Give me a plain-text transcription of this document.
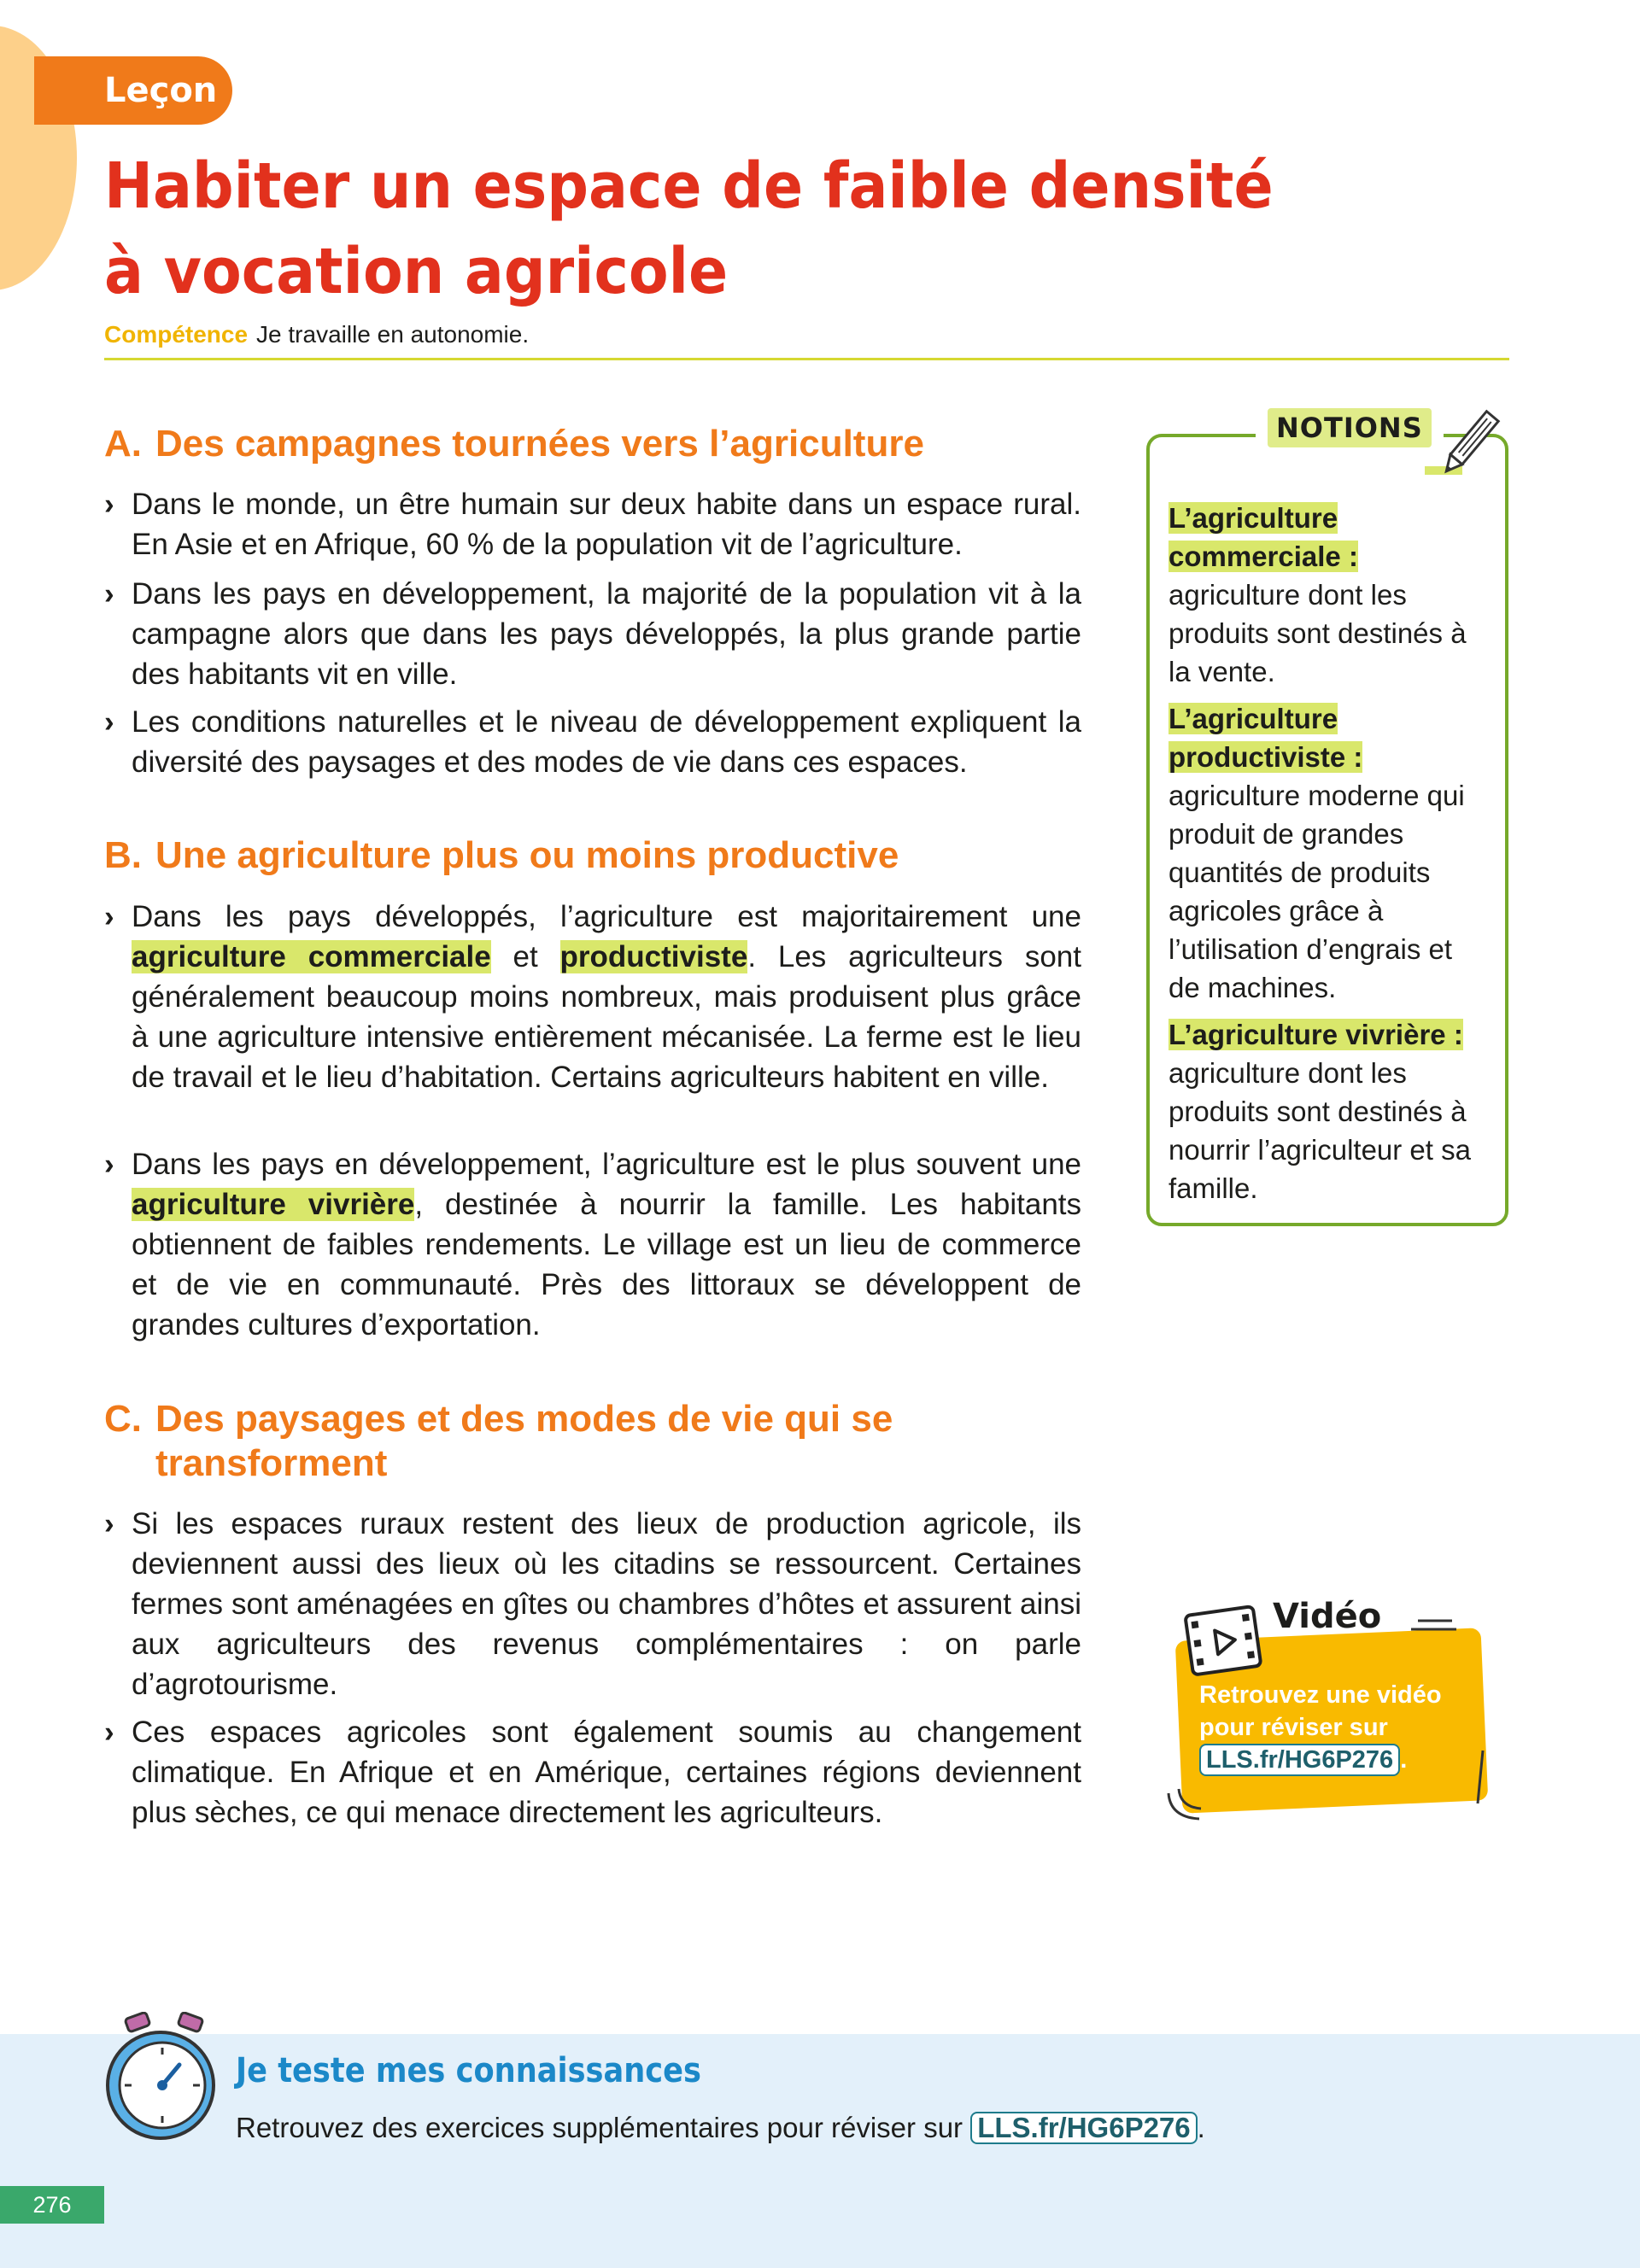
Leçon
Habiter un espace de faible densité
à vocation agricole
Compétence Je travaille en autonomie.
A. Des campagnes tournées vers l’agriculture

› Dans le monde, un être humain sur deux habite dans un espace rural. En Asie et en Afrique, 60 % de la population vit de l’agriculture.

› Dans les pays en développement, la majorité de la population vit à la campagne alors que dans les pays développés, la plus grande partie des habitants vit en ville.

› Les conditions naturelles et le niveau de développement expliquent la diversité des paysages et des modes de vie dans ces espaces.

B. Une agriculture plus ou moins productive

› Dans les pays développés, l’agriculture est majoritairement une agriculture commerciale et productiviste. Les agriculteurs sont généralement beaucoup moins nombreux, mais produisent plus grâce à une agriculture intensive entièrement mécanisée. La ferme est le lieu de travail et le lieu d’habitation. Certains agriculteurs habitent en ville.

› Dans les pays en développement, l’agriculture est le plus souvent une agriculture vivrière, destinée à nourrir la famille. Les habitants obtiennent de faibles rendements. Le village est un lieu de commerce et de vie en communauté. Près des littoraux se développent de grandes cultures d’exportation.

C. Des paysages et des modes de vie qui se
transforment

› Si les espaces ruraux restent des lieux de production agricole, ils deviennent aussi des lieux où les citadins se ressourcent. Certaines fermes sont aménagées en gîtes ou chambres d’hôtes et assurent ainsi aux agriculteurs des revenus complémentaires : on parle d’agrotourisme.

› Ces espaces agricoles sont également soumis au changement climatique. En Afrique et en Amérique, certaines régions deviennent plus sèches, ce qui menace directement les agriculteurs.

NOTIONS
L’agriculture commerciale :
agriculture dont les produits sont destinés à la vente.
L’agriculture productiviste :
agriculture moderne qui produit de grandes quantités de produits agricoles grâce à l’utilisation d’engrais et de machines.
L’agriculture vivrière :
agriculture dont les produits sont destinés à nourrir l’agriculteur et sa famille.
Vidéo
Retrouvez une vidéo pour réviser sur LLS.fr/HG6P276 .
Je teste mes connaissances
Retrouvez des exercices supplémentaires pour réviser sur LLS.fr/HG6P276 .
276
